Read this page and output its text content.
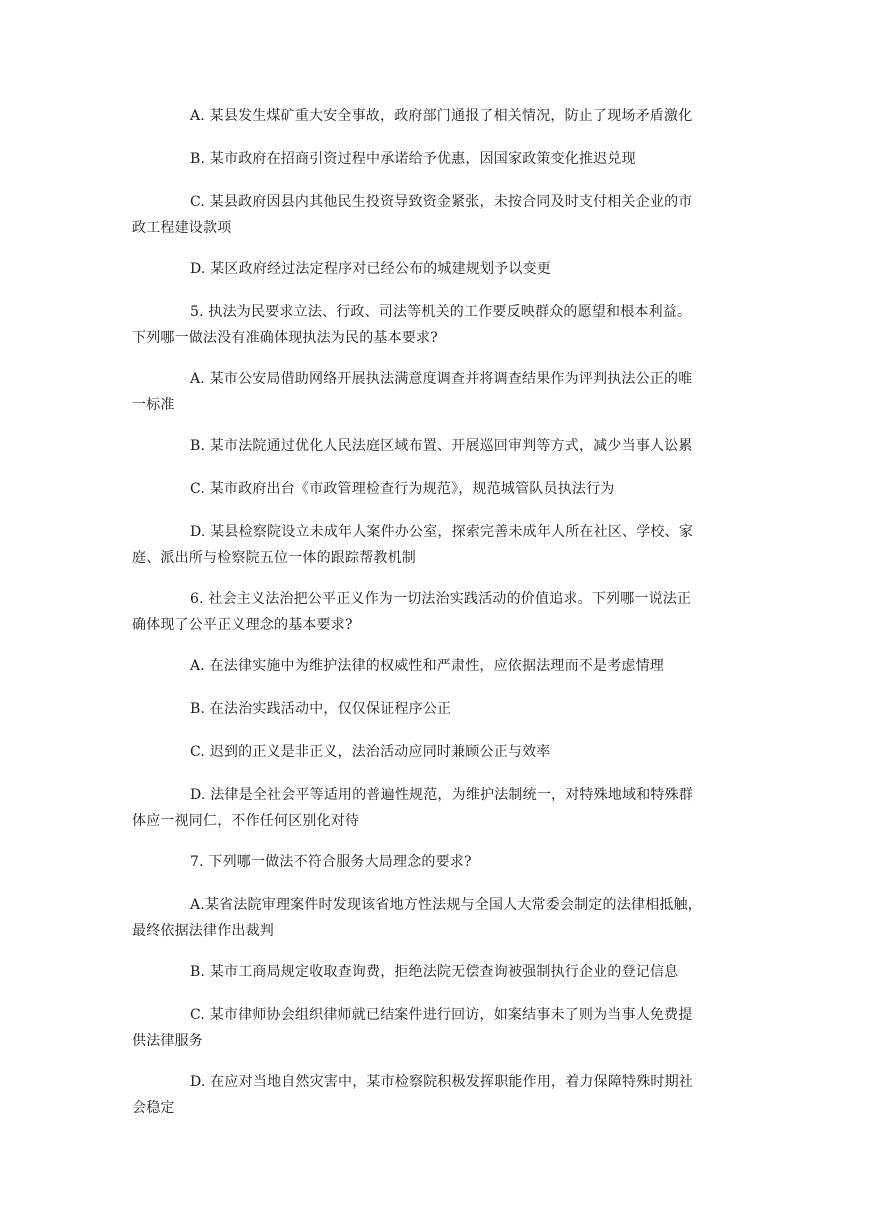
A. 某县发生煤矿重大安全事故，政府部门通报了相关情况，防止了现场矛盾激化

B. 某市政府在招商引资过程中承诺给予优惠，因国家政策变化推迟兑现

C. 某县政府因县内其他民生投资导致资金紧张，未按合同及时支付相关企业的市
政工程建设款项

D. 某区政府经过法定程序对已经公布的城建规划予以变更

5. 执法为民要求立法、行政、司法等机关的工作要反映群众的愿望和根本利益。
下列哪一做法没有准确体现执法为民的基本要求?

A. 某市公安局借助网络开展执法满意度调查并将调查结果作为评判执法公正的唯
一标准

B. 某市法院通过优化人民法庭区域布置、开展巡回审判等方式，减少当事人讼累

C. 某市政府出台《市政管理检查行为规范》，规范城管队员执法行为

D. 某县检察院设立未成年人案件办公室，探索完善未成年人所在社区、学校、家
庭、派出所与检察院五位一体的跟踪帮教机制

6. 社会主义法治把公平正义作为一切法治实践活动的价值追求。下列哪一说法正
确体现了公平正义理念的基本要求?

A. 在法律实施中为维护法律的权威性和严肃性，应依据法理而不是考虑情理

B. 在法治实践活动中，仅仅保证程序公正

C. 迟到的正义是非正义，法治活动应同时兼顾公正与效率

D. 法律是全社会平等适用的普遍性规范，为维护法制统一，对特殊地域和特殊群
体应一视同仁，不作任何区别化对待

7. 下列哪一做法不符合服务大局理念的要求?

A.某省法院审理案件时发现该省地方性法规与全国人大常委会制定的法律相抵触，
最终依据法律作出裁判

B. 某市工商局规定收取查询费，拒绝法院无偿查询被强制执行企业的登记信息

C. 某市律师协会组织律师就已结案件进行回访，如案结事未了则为当事人免费提
供法律服务

D. 在应对当地自然灾害中，某市检察院积极发挥职能作用，着力保障特殊时期社
会稳定
